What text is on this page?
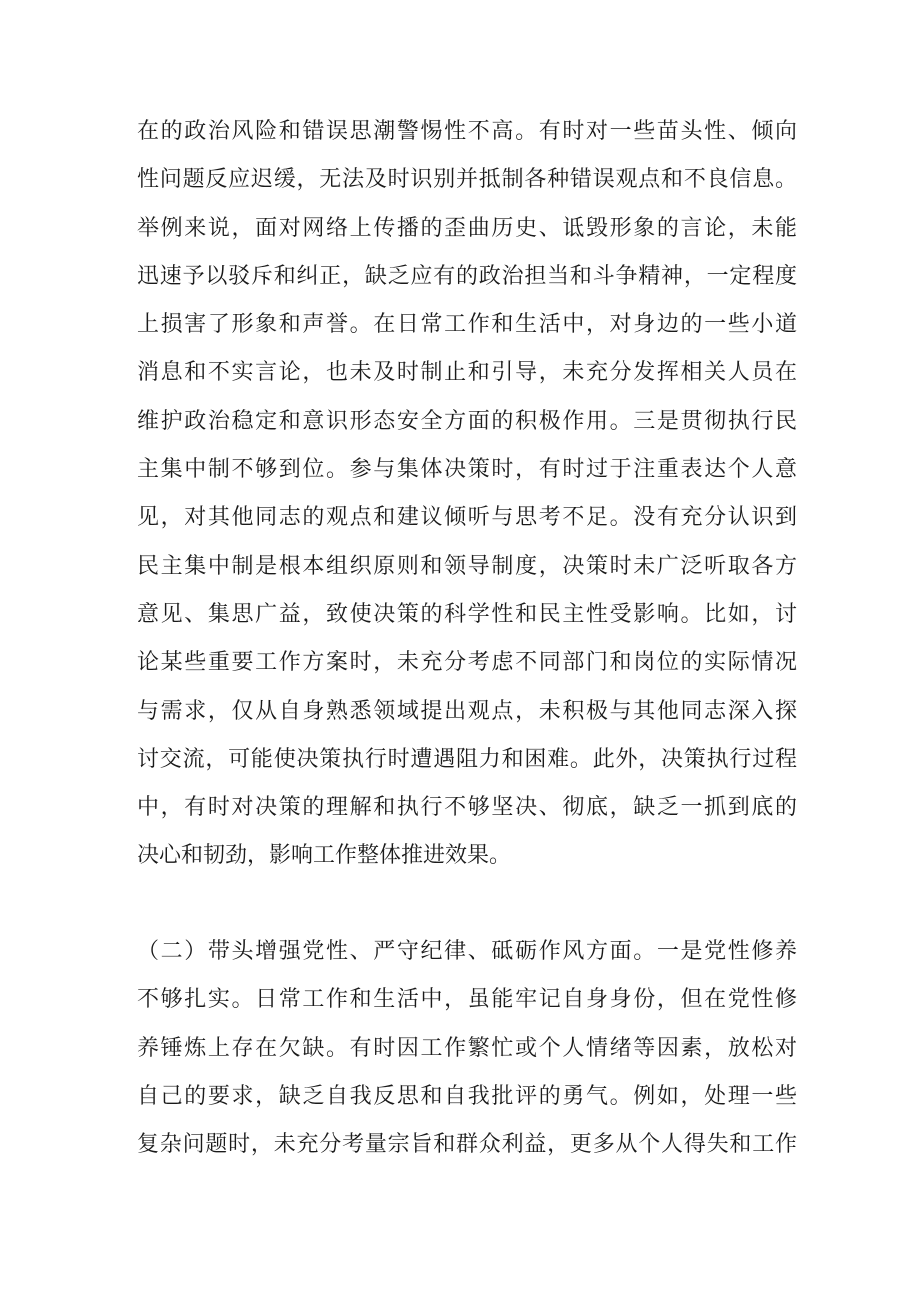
在的政治风险和错误思潮警惕性不高。有时对一些苗头性、倾向
性问题反应迟缓，无法及时识别并抵制各种错误观点和不良信息。
举例来说，面对网络上传播的歪曲历史、诋毁形象的言论，未能
迅速予以驳斥和纠正，缺乏应有的政治担当和斗争精神，一定程度
上损害了形象和声誉。在日常工作和生活中，对身边的一些小道
消息和不实言论，也未及时制止和引导，未充分发挥相关人员在
维护政治稳定和意识形态安全方面的积极作用。三是贯彻执行民
主集中制不够到位。参与集体决策时，有时过于注重表达个人意
见，对其他同志的观点和建议倾听与思考不足。没有充分认识到
民主集中制是根本组织原则和领导制度，决策时未广泛听取各方
意见、集思广益，致使决策的科学性和民主性受影响。比如，讨
论某些重要工作方案时，未充分考虑不同部门和岗位的实际情况
与需求，仅从自身熟悉领域提出观点，未积极与其他同志深入探
讨交流，可能使决策执行时遭遇阻力和困难。此外，决策执行过程
中，有时对决策的理解和执行不够坚决、彻底，缺乏一抓到底的
决心和韧劲，影响工作整体推进效果。
（二）带头增强党性、严守纪律、砥砺作风方面。一是党性修养
不够扎实。日常工作和生活中，虽能牢记自身身份，但在党性修
养锤炼上存在欠缺。有时因工作繁忙或个人情绪等因素，放松对
自己的要求，缺乏自我反思和自我批评的勇气。例如，处理一些
复杂问题时，未充分考量宗旨和群众利益，更多从个人得失和工作
